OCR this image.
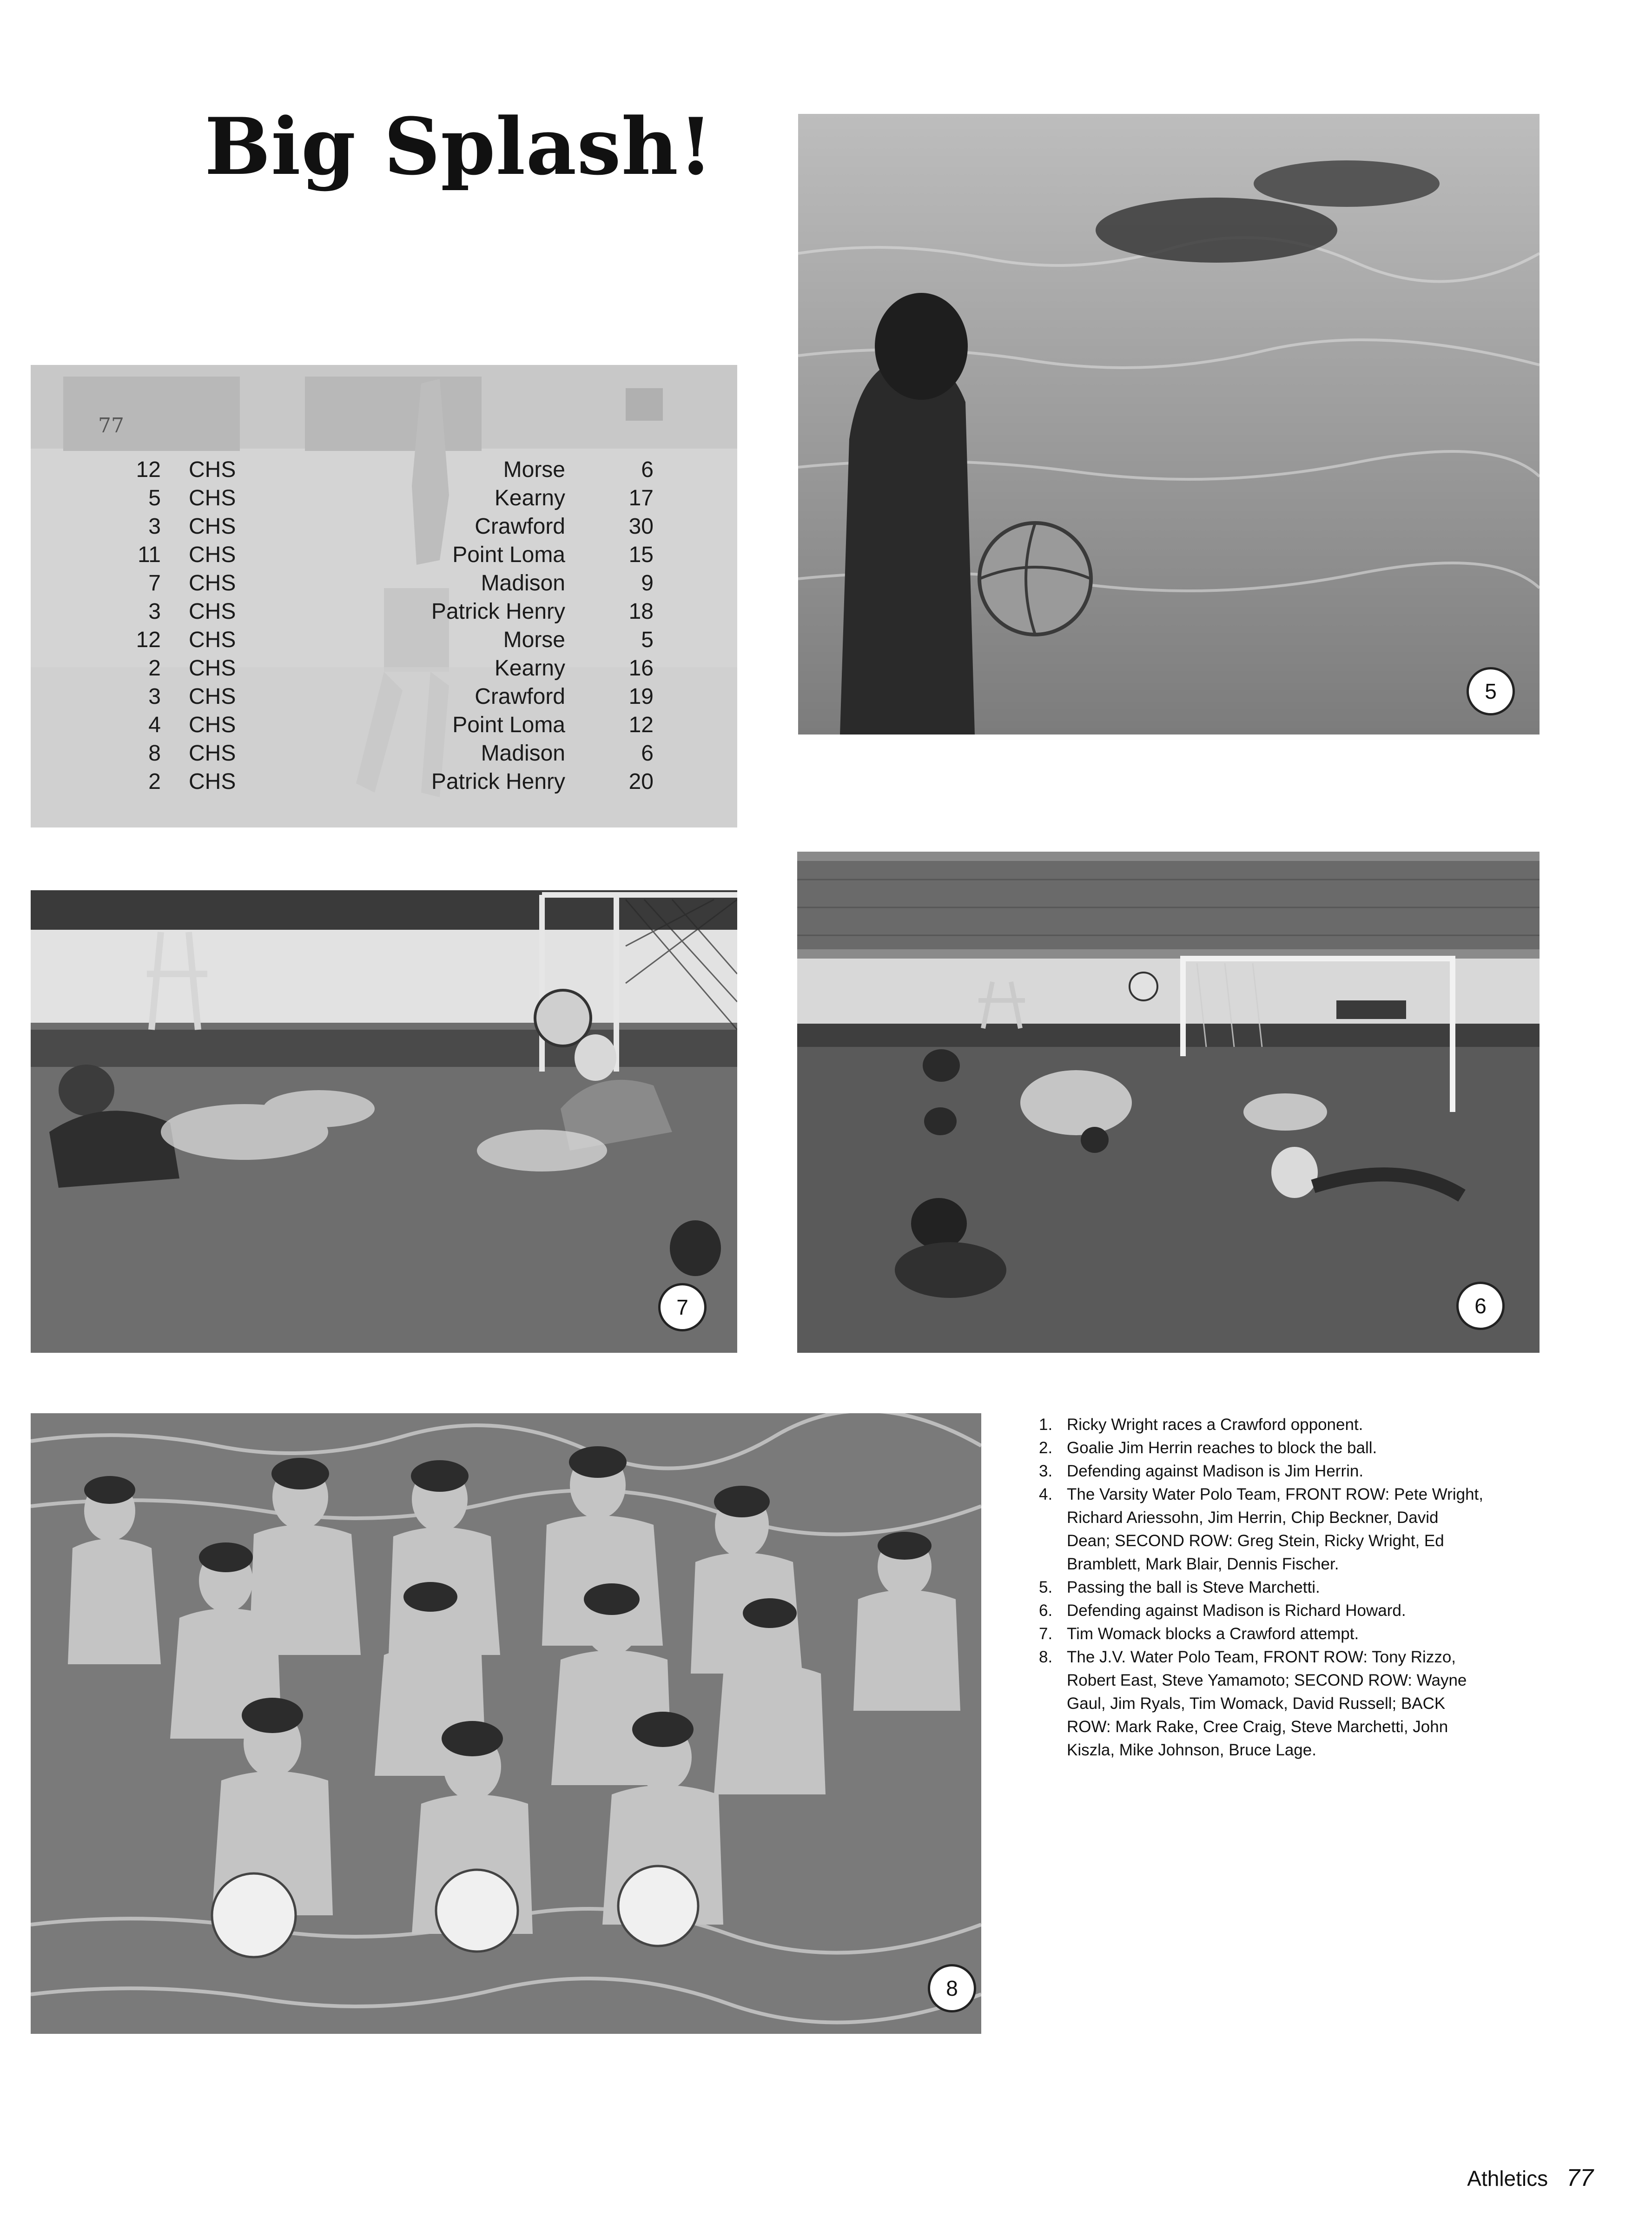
Big Splash!
5
77
12 CHS	Morse	6
5 CHS	Kearny	17
3 CHS	Crawford	30
11 CHS	Point Loma	15
7 CHS	Madison	9
3 CHS	Patrick Henry	18
12 CHS	Morse	5
2 CHS	Kearny	16
3 CHS	Crawford	19
4 CHS	Point Loma	12
8 CHS	Madison	6
2 CHS	Patrick Henry	20
7	6
8
1. Ricky Wright races a Crawford opponent.
2. Goalie Jim Herrin reaches to block the ball.
3. Defending against Madison is Jim Herrin.
4. The Varsity Water Polo Team, FRONT ROW: Pete Wright, Richard Ariessohn, Jim Herrin, Chip Beckner, David Dean; SECOND ROW: Greg Stein, Ricky Wright, Ed Bramblett, Mark Blair, Dennis Fischer.
5. Passing the ball is Steve Marchetti.
6. Defending against Madison is Richard Howard.
7. Tim Womack blocks a Crawford attempt.
8. The J.V. Water Polo Team, FRONT ROW: Tony Rizzo, Robert East, Steve Yamamoto; SECOND ROW: Wayne Gaul, Jim Ryals, Tim Womack, David Russell; BACK ROW: Mark Rake, Cree Craig, Steve Marchetti, John Kiszla, Mike Johnson, Bruce Lage.
Athletics 77
